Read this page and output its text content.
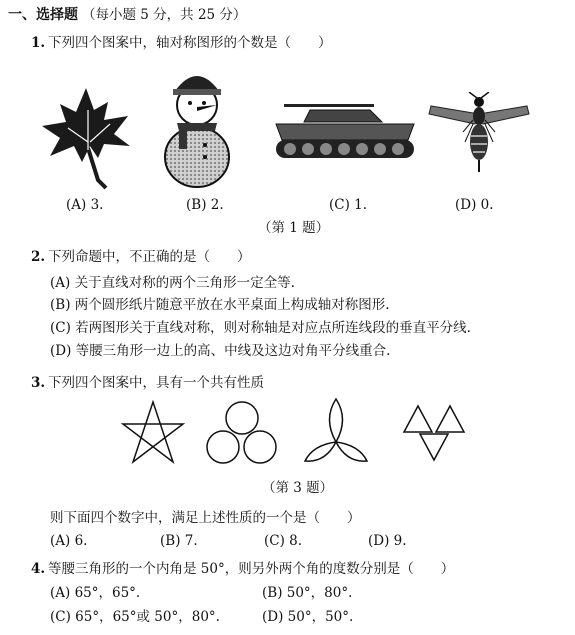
一、选择题 （每小题 5 分，共 25 分）
1. 下列四个图案中，轴对称图形的个数是（　　）
(A) 3.	(B) 2.	(C) 1.	(D) 0.
（第 1 题）
2. 下列命题中，不正确的是（　　）
(A) 关于直线对称的两个三角形一定全等.
(B) 两个圆形纸片随意平放在水平桌面上构成轴对称图形.
(C) 若两图形关于直线对称，则对称轴是对应点所连线段的垂直平分线.
(D) 等腰三角形一边上的高、中线及这边对角平分线重合.
3. 下列四个图案中，具有一个共有性质
（第 3 题）
则下面四个数字中，满足上述性质的一个是（　　）
(A) 6.	(B) 7.	(C) 8.	(D) 9.
4. 等腰三角形的一个内角是 50°，则另外两个角的度数分别是（　　）
(A) 65°，65°.	(B) 50°，80°.
(C) 65°，65°或 50°，80°.	(D) 50°，50°.
